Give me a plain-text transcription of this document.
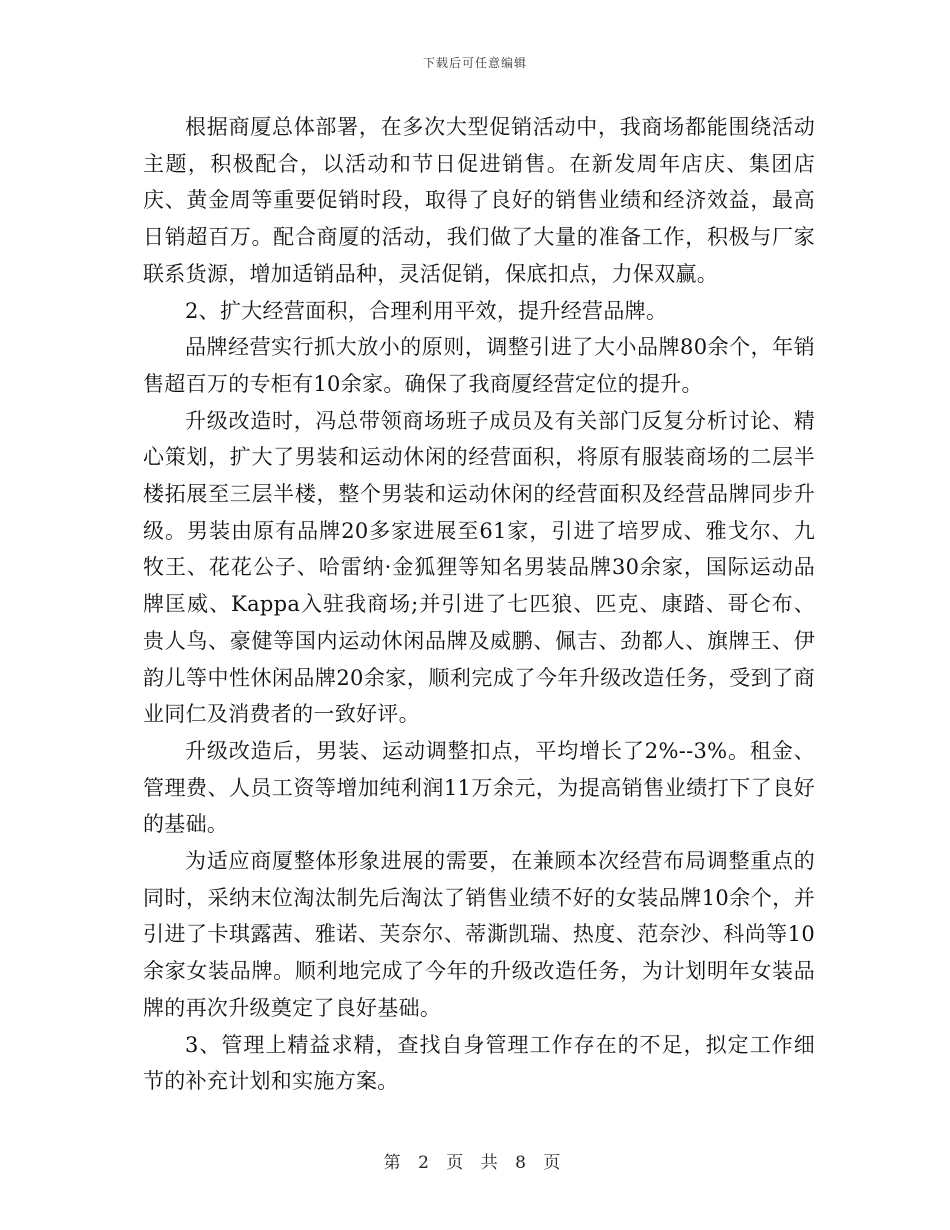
下载后可任意编辑

根据商厦总体部署，在多次大型促销活动中，我商场都能围绕活动主题，积极配合，以活动和节日促进销售。在新发周年店庆、集团店庆、黄金周等重要促销时段，取得了良好的销售业绩和经济效益，最高日销超百万。配合商厦的活动，我们做了大量的准备工作，积极与厂家联系货源，增加适销品种，灵活促销，保底扣点，力保双赢。

2、扩大经营面积，合理利用平效，提升经营品牌。

品牌经营实行抓大放小的原则，调整引进了大小品牌80余个，年销售超百万的专柜有10余家。确保了我商厦经营定位的提升。

升级改造时，冯总带领商场班子成员及有关部门反复分析讨论、精心策划，扩大了男装和运动休闲的经营面积，将原有服装商场的二层半楼拓展至三层半楼，整个男装和运动休闲的经营面积及经营品牌同步升级。男装由原有品牌20多家进展至61家，引进了培罗成、雅戈尔、九牧王、花花公子、哈雷纳·金狐狸等知名男装品牌30余家，国际运动品牌匡威、Kappa入驻我商场;并引进了七匹狼、匹克、康踏、哥仑布、贵人鸟、豪健等国内运动休闲品牌及威鹏、佩吉、劲都人、旗牌王、伊韵儿等中性休闲品牌20余家，顺利完成了今年升级改造任务，受到了商业同仁及消费者的一致好评。

升级改造后，男装、运动调整扣点，平均增长了2%--3%。租金、管理费、人员工资等增加纯利润11万余元，为提高销售业绩打下了良好的基础。

为适应商厦整体形象进展的需要，在兼顾本次经营布局调整重点的同时，采纳末位淘汰制先后淘汰了销售业绩不好的女装品牌10余个，并引进了卡琪露茜、雅诺、芙奈尔、蒂澌凯瑞、热度、范奈沙、科尚等10余家女装品牌。顺利地完成了今年的升级改造任务，为计划明年女装品牌的再次升级奠定了良好基础。

3、管理上精益求精，查找自身管理工作存在的不足，拟定工作细节的补充计划和实施方案。

第 2 页 共 8 页
